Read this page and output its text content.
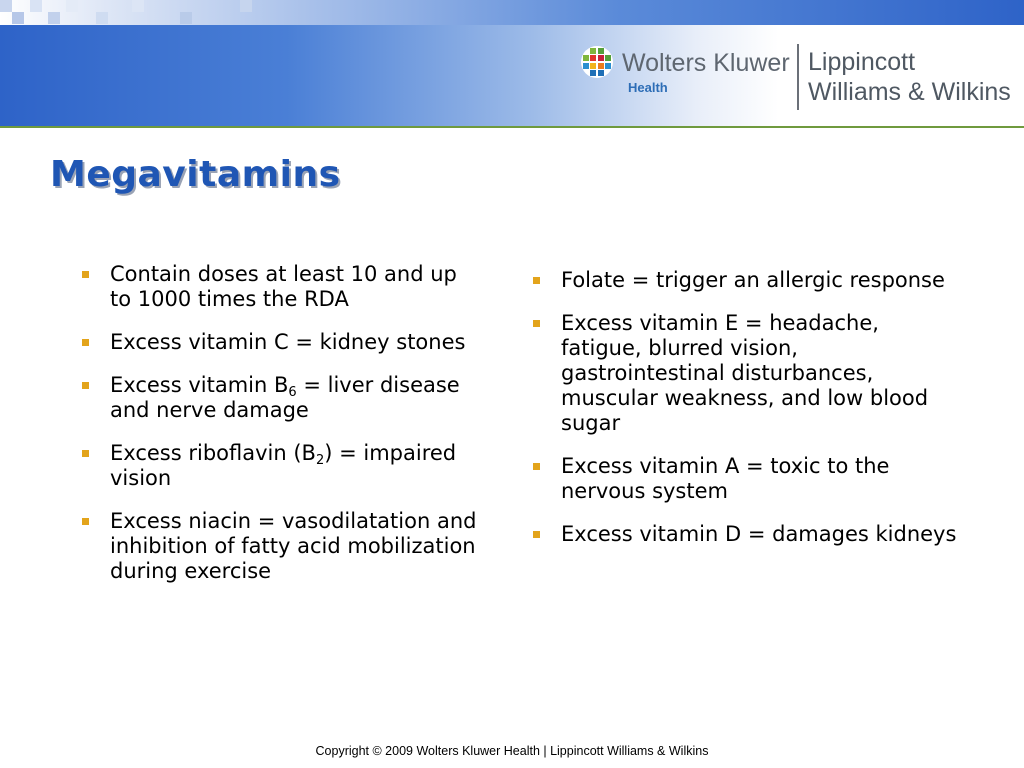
Wolters Kluwer
Health
Lippincott
Williams & Wilkins
Megavitamins
Contain doses at least 10 and up to 1000 times the RDA
Excess vitamin C = kidney stones
Excess vitamin $B_6$ = liver disease and nerve damage
Excess riboflavin $(B_2)$ = impaired vision
Excess niacin = vasodilatation and inhibition of fatty acid mobilization during exercise
Folate = trigger an allergic response
Excess vitamin E = headache, fatigue, blurred vision, gastrointestinal disturbances, muscular weakness, and low blood sugar
Excess vitamin A = toxic to the nervous system
Excess vitamin D = damages kidneys
Copyright © 2009 Wolters Kluwer Health | Lippincott Williams & Wilkins
